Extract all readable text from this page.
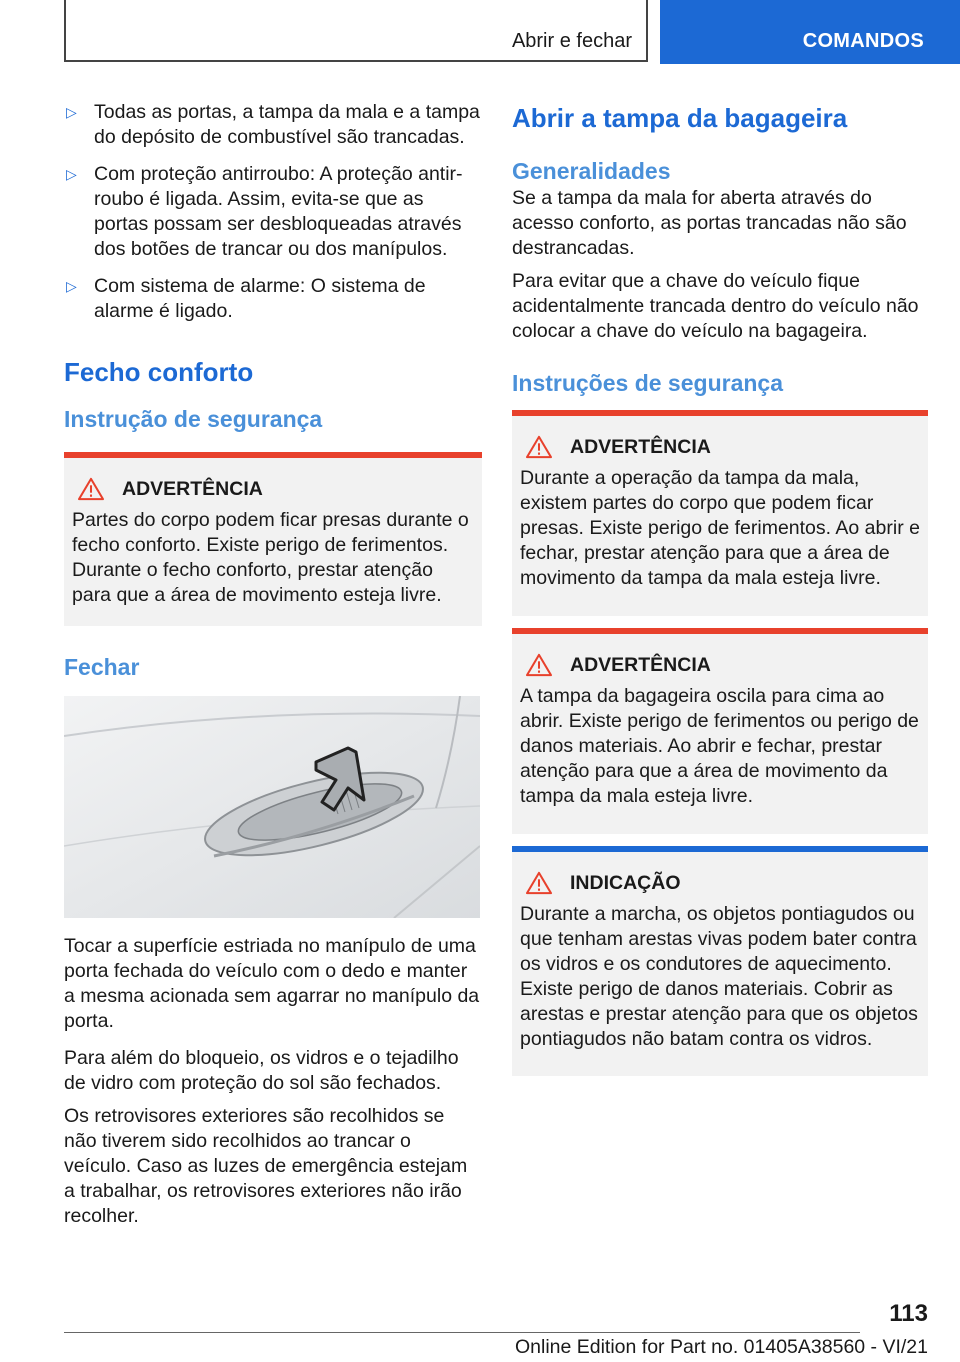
Abrir e fechar	COMANDOS
▷ Todas as portas, a tampa da mala e a tampa do depósito de combustível são trancadas.
▷ Com proteção antirroubo: A proteção antirroubo é ligada. Assim, evita-se que as portas possam ser desbloqueadas através dos botões de trancar ou dos manípulos.
▷ Com sistema de alarme: O sistema de alarme é ligado.
Fecho conforto
Instrução de segurança
ADVERTÊNCIA

Partes do corpo podem ficar presas durante o fecho conforto. Existe perigo de ferimentos. Durante o fecho conforto, prestar atenção para que a área de movimento esteja livre.

Fechar

Tocar a superfície estriada no manípulo de uma porta fechada do veículo com o dedo e manter a mesma acionada sem agarrar no manípulo da porta.

Para além do bloqueio, os vidros e o tejadilho de vidro com proteção do sol são fechados.

Os retrovisores exteriores são recolhidos se não tiverem sido recolhidos ao trancar o veículo. Caso as luzes de emergência estejam a trabalhar, os retrovisores exteriores não irão recolher.

Abrir a tampa da bagageira
Generalidades

Se a tampa da mala for aberta através do acesso conforto, as portas trancadas não são destrancadas.

Para evitar que a chave do veículo fique acidentalmente trancada dentro do veículo não colocar a chave do veículo na bagageira.

Instruções de segurança
ADVERTÊNCIA

Durante a operação da tampa da mala, existem partes do corpo que podem ficar presas. Existe perigo de ferimentos. Ao abrir e fechar, prestar atenção para que a área de movimento da tampa da mala esteja livre.

ADVERTÊNCIA

A tampa da bagageira oscila para cima ao abrir. Existe perigo de ferimentos ou perigo de danos materiais. Ao abrir e fechar, prestar atenção para que a área de movimento da tampa da mala esteja livre.

INDICAÇÃO

Durante a marcha, os objetos pontiagudos ou que tenham arestas vivas podem bater contra os vidros e os condutores de aquecimento. Existe perigo de danos materiais. Cobrir as arestas e prestar atenção para que os objetos pontiagudos não batam contra os vidros.

113
Online Edition for Part no. 01405A38560 - VI/21
